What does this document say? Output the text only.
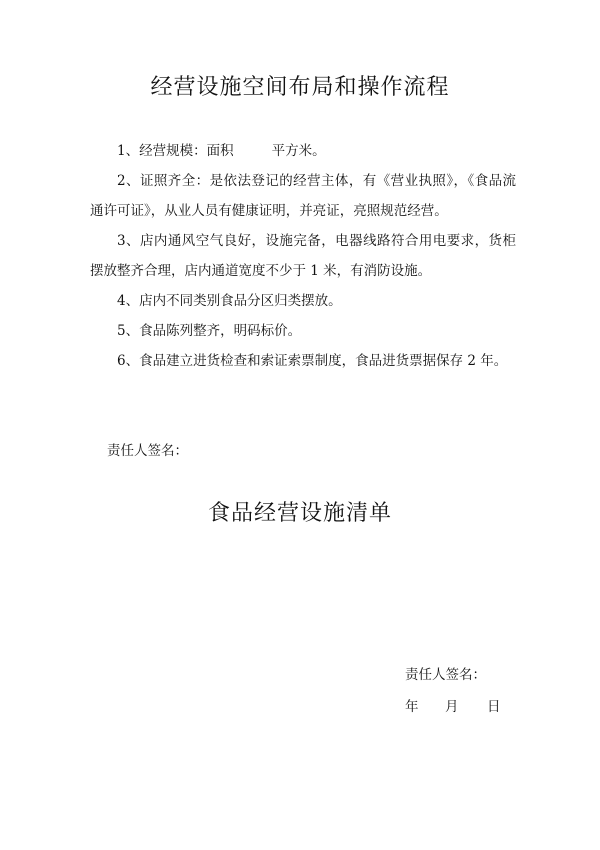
经营设施空间布局和操作流程
1、经营规模：面积	平方米。
2、证照齐全：是依法登记的经营主体，有《营业执照》，《食品流通许可证》，从业人员有健康证明，并亮证，亮照规范经营。
3、店内通风空气良好，设施完备，电器线路符合用电要求，货柜摆放整齐合理，店内通道宽度不少于 1 米，有消防设施。
4、店内不同类别食品分区归类摆放。
5、食品陈列整齐，明码标价。
6、食品建立进货检查和索证索票制度，食品进货票据保存 2 年。
责任人签名：
食品经营设施清单
责任人签名：
年 月 日
